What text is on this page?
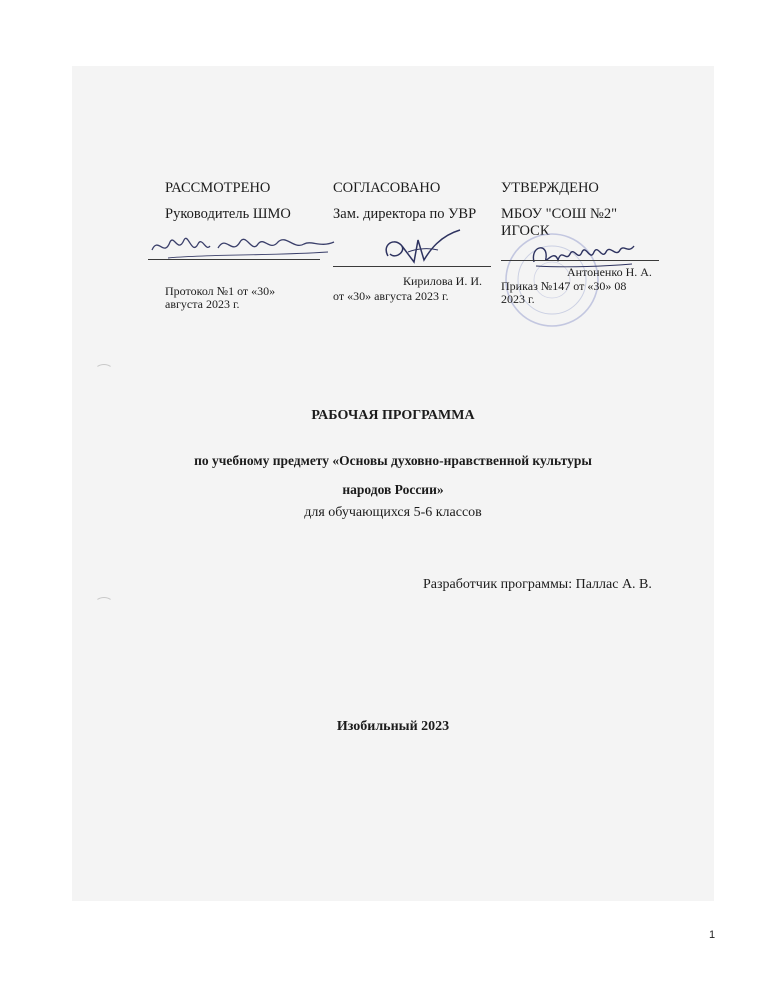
РАССМОТРЕНО
Руководитель ШМО
Протокол №1 от «30»
августа 2023 г.
СОГЛАСОВАНО
Зам. директора по УВР
Кирилова И. И.
от «30» августа 2023 г.
УТВЕРЖДЕНО
МБОУ "СОШ №2"
ИГОСК
Антоненко Н. А.
Приказ №147 от «30» 08
2023 г.
РАБОЧАЯ ПРОГРАММА
по учебному предмету «Основы духовно-нравственной культуры
народов России»
для обучающихся 5-6 классов
Разработчик программы: Паллас А. В.
Изобильный 2023
1
